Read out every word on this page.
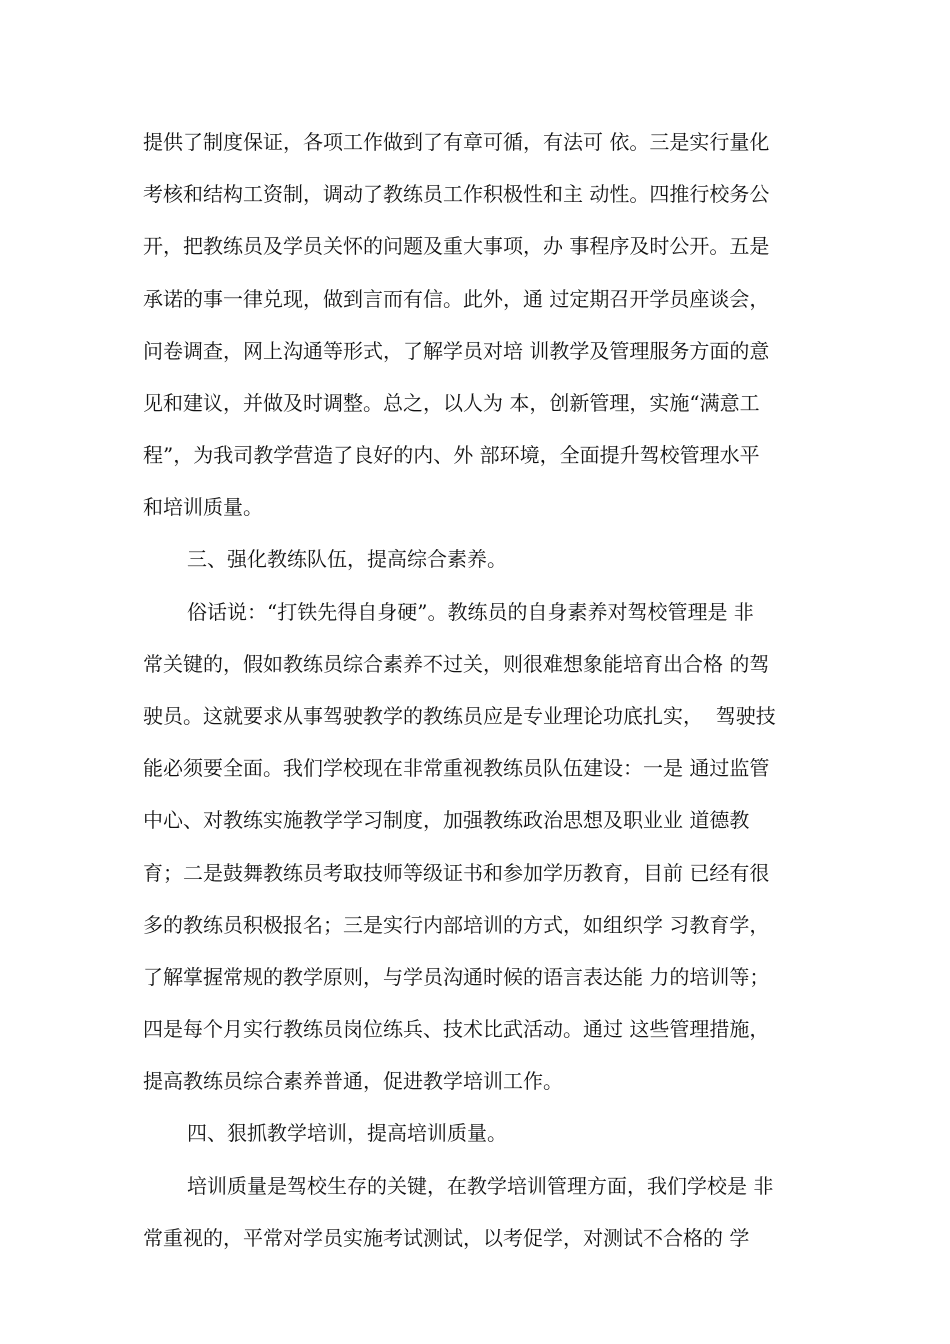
提供了制度保证，各项工作做到了有章可循，有法可 依。三是实行量化
考核和结构工资制，调动了教练员工作积极性和主 动性。四推行校务公
开，把教练员及学员关怀的问题及重大事项，办 事程序及时公开。五是
承诺的事一律兑现，做到言而有信。此外，通 过定期召开学员座谈会，
问卷调查，网上沟通等形式，了解学员对培 训教学及管理服务方面的意
见和建议，并做及时调整。总之，以人为 本，创新管理，实施“满意工
程”，为我司教学营造了良好的内、外 部环境，全面提升驾校管理水平
和培训质量。
三、强化教练队伍，提高综合素养。
俗话说：“打铁先得自身硬”。教练员的自身素养对驾校管理是 非
常关键的，假如教练员综合素养不过关，则很难想象能培育出合格 的驾
驶员。这就要求从事驾驶教学的教练员应是专业理论功底扎实，  驾驶技
能必须要全面。我们学校现在非常重视教练员队伍建设：一是 通过监管
中心、对教练实施教学学习制度，加强教练政治思想及职业业 道德教
育；二是鼓舞教练员考取技师等级证书和参加学历教育，目前 已经有很
多的教练员积极报名；三是实行内部培训的方式，如组织学 习教育学，
了解掌握常规的教学原则，与学员沟通时候的语言表达能 力的培训等；
四是每个月实行教练员岗位练兵、技术比武活动。通过 这些管理措施，
提高教练员综合素养普通，促进教学培训工作。
四、狠抓教学培训，提高培训质量。
培训质量是驾校生存的关键，在教学培训管理方面，我们学校是 非
常重视的，平常对学员实施考试测试，以考促学，对测试不合格的 学
